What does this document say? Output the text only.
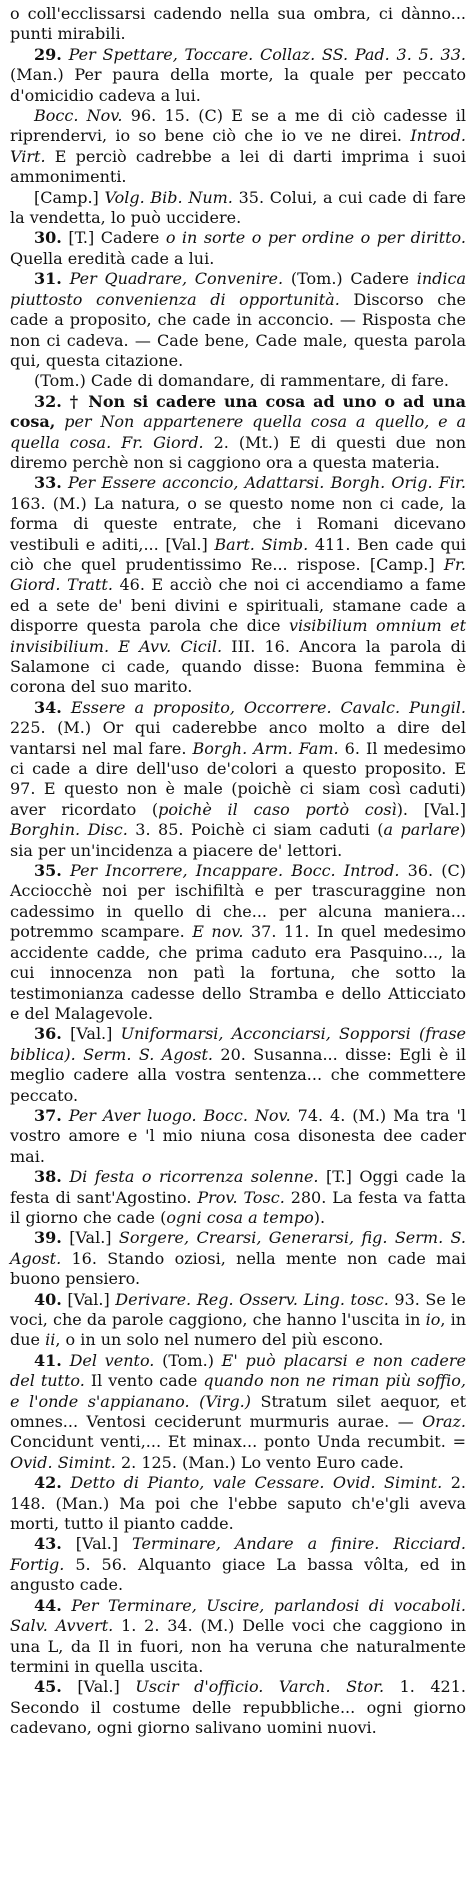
o coll'ecclissarsi cadendo nella sua ombra, ci dànno... punti mirabili.

29. Per Spettare, Toccare. Collaz. SS. Pad. 3. 5. 33. (Man.) Per paura della morte, la quale per peccato d'omicidio cadeva a lui.

Bocc. Nov. 96. 15. (C) E se a me di ciò cadesse il riprendervi, io so bene ciò che io ve ne direi. Introd. Virt. E perciò cadrebbe a lei di darti imprima i suoi ammonimenti.

[Camp.] Volg. Bib. Num. 35. Colui, a cui cade di fare la vendetta, lo può uccidere.

30. [T.] Cadere o in sorte o per ordine o per diritto. Quella eredità cade a lui.

31. Per Quadrare, Convenire. (Tom.) Cadere indica piuttosto convenienza di opportunità. Discorso che cade a proposito, che cade in acconcio. — Risposta che non ci cadeva. — Cade bene, Cade male, questa parola qui, questa citazione.

(Tom.) Cade di domandare, di rammentare, di fare.

32. † Non si cadere una cosa ad uno o ad una cosa, per Non appartenere quella cosa a quello, e a quella cosa. Fr. Giord. 2. (Mt.) E di questi due non diremo perchè non si caggiono ora a questa materia.

33. Per Essere acconcio, Adattarsi. Borgh. Orig. Fir. 163. (M.) La natura, o se questo nome non ci cade, la forma di queste entrate, che i Romani dicevano vestibuli e aditi,... [Val.] Bart. Simb. 411. Ben cade qui ciò che quel prudentissimo Re... rispose. [Camp.] Fr. Giord. Tratt. 46. E acciò che noi ci accendiamo a fame ed a sete de' beni divini e spirituali, stamane cade a disporre questa parola che dice visibilium omnium et invisibilium. E Avv. Cicil. III. 16. Ancora la parola di Salamone ci cade, quando disse: Buona femmina è corona del suo marito.

34. Essere a proposito, Occorrere. Cavalc. Pungil. 225. (M.) Or qui caderebbe anco molto a dire del vantarsi nel mal fare. Borgh. Arm. Fam. 6. Il medesimo ci cade a dire dell'uso de'colori a questo proposito. E 97. E questo non è male (poichè ci siam così caduti) aver ricordato (poichè il caso portò così). [Val.] Borghin. Disc. 3. 85. Poichè ci siam caduti (a parlare) sia per un'incidenza a piacere de' lettori.

35. Per Incorrere, Incappare. Bocc. Introd. 36. (C) Acciocchè noi per ischifiltà e per trascuraggine non cadessimo in quello di che... per alcuna maniera... potremmo scampare. E nov. 37. 11. In quel medesimo accidente cadde, che prima caduto era Pasquino..., la cui innocenza non patì la fortuna, che sotto la testimonianza cadesse dello Stramba e dello Atticciato e del Malagevole.

36. [Val.] Uniformarsi, Acconciarsi, Sopporsi (frase biblica). Serm. S. Agost. 20. Susanna... disse: Egli è il meglio cadere alla vostra sentenza... che commettere peccato.

37. Per Aver luogo. Bocc. Nov. 74. 4. (M.) Ma tra 'l vostro amore e 'l mio niuna cosa disonesta dee cader mai.

38. Di festa o ricorrenza solenne. [T.] Oggi cade la festa di sant'Agostino. Prov. Tosc. 280. La festa va fatta il giorno che cade (ogni cosa a tempo).

39. [Val.] Sorgere, Crearsi, Generarsi, fig. Serm. S. Agost. 16. Stando oziosi, nella mente non cade mai buono pensiero.

40. [Val.] Derivare. Reg. Osserv. Ling. tosc. 93. Se le voci, che da parole caggiono, che hanno l'uscita in io, in due ii, o in un solo nel numero del più escono.

41. Del vento. (Tom.) E' può placarsi e non cadere del tutto. Il vento cade quando non ne riman più soffio, e l'onde s'appianano. (Virg.) Stratum silet aequor, et omnes... Ventosi ceciderunt murmuris aurae. — Oraz. Concidunt venti,... Et minax... ponto Unda recumbit. = Ovid. Simint. 2. 125. (Man.) Lo vento Euro cade.

42. Detto di Pianto, vale Cessare. Ovid. Simint. 2. 148. (Man.) Ma poi che l'ebbe saputo ch'e'gli aveva morti, tutto il pianto cadde.

43. [Val.] Terminare, Andare a finire. Ricciard. Fortig. 5. 56. Alquanto giace La bassa vôlta, ed in angusto cade.

44. Per Terminare, Uscire, parlandosi di vocaboli. Salv. Avvert. 1. 2. 34. (M.) Delle voci che caggiono in una L, da Il in fuori, non ha veruna che naturalmente termini in quella uscita.

45. [Val.] Uscir d'officio. Varch. Stor. 1. 421. Secondo il costume delle repubbliche... ogni giorno cadevano, ogni giorno salivano uomini nuovi.
